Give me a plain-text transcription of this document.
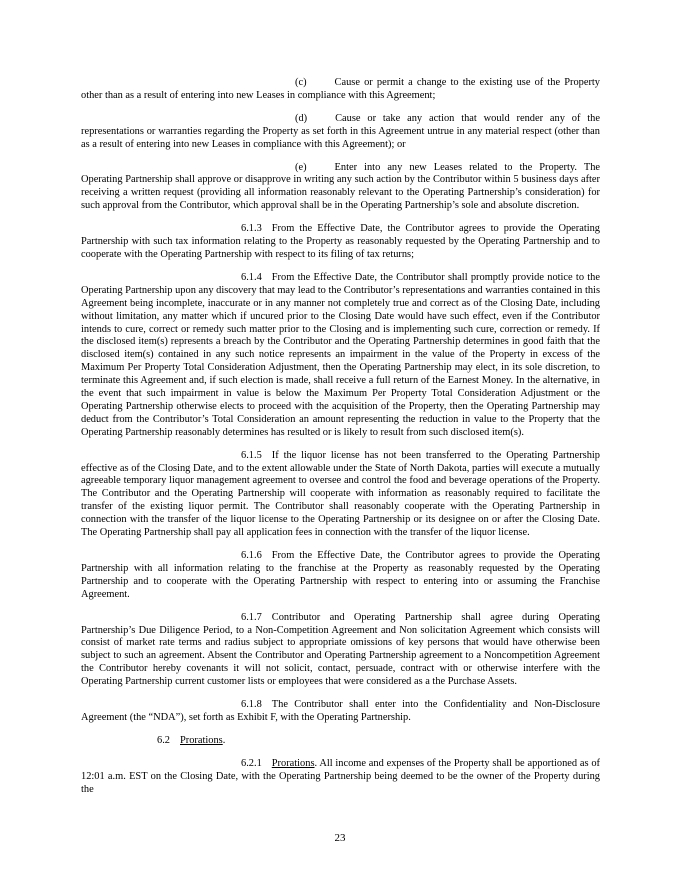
(c)	Cause or permit a change to the existing use of the Property other than as a result of entering into new Leases in compliance with this Agreement;

(d)	Cause or take any action that would render any of the representations or warranties regarding the Property as set forth in this Agreement untrue in any material respect (other than as a result of entering into new Leases in compliance with this Agreement); or

(e)	Enter into any new Leases related to the Property. The Operating Partnership shall approve or disapprove in writing any such action by the Contributor within 5 business days after receiving a written request (providing all information reasonably relevant to the Operating Partnership’s consideration) for such approval from the Contributor, which approval shall be in the Operating Partnership’s sole and absolute discretion.

6.1.3 From the Effective Date, the Contributor agrees to provide the Operating Partnership with such tax information relating to the Property as reasonably requested by the Operating Partnership and to cooperate with the Operating Partnership with respect to its filing of tax returns;

6.1.4 From the Effective Date, the Contributor shall promptly provide notice to the Operating Partnership upon any discovery that may lead to the Contributor’s representations and warranties contained in this Agreement being incomplete, inaccurate or in any manner not completely true and correct as of the Closing Date, including without limitation, any matter which if uncured prior to the Closing Date would have such effect, even if the Contributor intends to cure, correct or remedy such matter prior to the Closing and is implementing such cure, correction or remedy. If the disclosed item(s) represents a breach by the Contributor and the Operating Partnership determines in good faith that the disclosed item(s) contained in any such notice represents an impairment in the value of the Property in excess of the Maximum Per Property Total Consideration Adjustment, then the Operating Partnership may elect, in its sole discretion, to terminate this Agreement and, if such election is made, shall receive a full return of the Earnest Money. In the alternative, in the event that such impairment in value is below the Maximum Per Property Total Consideration Adjustment or the Operating Partnership otherwise elects to proceed with the acquisition of the Property, then the Operating Partnership may deduct from the Contributor’s Total Consideration an amount representing the reduction in value to the Property that the Operating Partnership reasonably determines has resulted or is likely to result from such disclosed item(s).

6.1.5 If the liquor license has not been transferred to the Operating Partnership effective as of the Closing Date, and to the extent allowable under the State of North Dakota, parties will execute a mutually agreeable temporary liquor management agreement to oversee and control the food and beverage operations of the Property. The Contributor and the Operating Partnership will cooperate with information as reasonably required to facilitate the transfer of the existing liquor permit. The Contributor shall reasonably cooperate with the Operating Partnership in connection with the transfer of the liquor license to the Operating Partnership or its designee on or after the Closing Date. The Operating Partnership shall pay all application fees in connection with the transfer of the liquor license.

6.1.6 From the Effective Date, the Contributor agrees to provide the Operating Partnership with all information relating to the franchise at the Property as reasonably requested by the Operating Partnership and to cooperate with the Operating Partnership with respect to entering into or assuming the Franchise Agreement.

6.1.7 Contributor and Operating Partnership shall agree during Operating Partnership’s Due Diligence Period, to a Non-Competition Agreement and Non solicitation Agreement which consists will consist of market rate terms and radius subject to appropriate omissions of key persons that would have otherwise been subject to such an agreement. Absent the Contributor and Operating Partnership agreement to a Noncompetition Agreement the Contributor hereby covenants it will not solicit, contact, persuade, contract with or otherwise interfere with the Operating Partnership current customer lists or employees that were considered as a the Purchase Assets.

6.1.8 The Contributor shall enter into the Confidentiality and Non-Disclosure Agreement (the “NDA”), set forth as Exhibit F, with the Operating Partnership.

6.2 Prorations.

6.2.1 Prorations. All income and expenses of the Property shall be apportioned as of 12:01 a.m. EST on the Closing Date, with the Operating Partnership being deemed to be the owner of the Property during the

23
